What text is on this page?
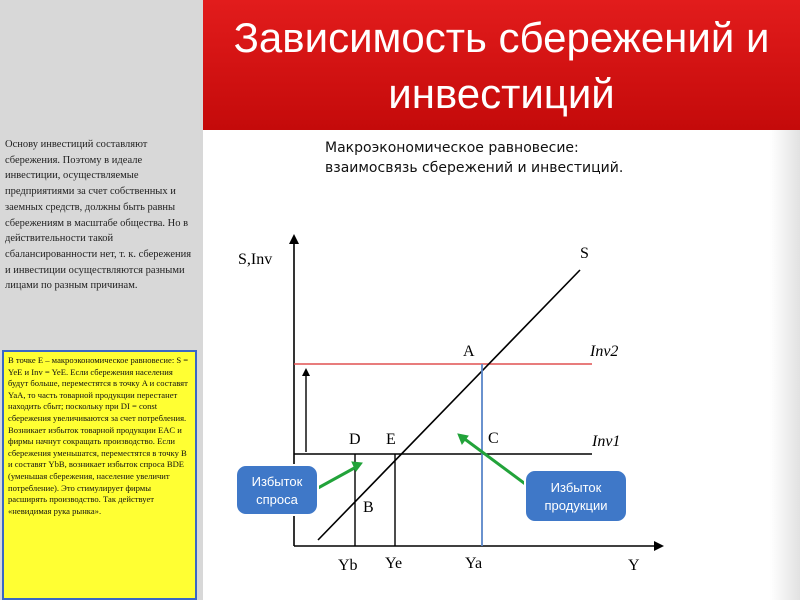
Зависимость сбережений и
инвестиций
Основу инвестиций составляют сбережения. Поэтому в идеале инвестиции, осуществляемые предприятиями за счет собственных и заемных средств, должны быть равны сбережениям в масштабе общества. Но в действительности такой сбалансированности нет, т. к. сбережения и инвестиции осуществляются разными лицами по разным причинам.
В точке E – макроэкономическое равновесие: S = YeE и Inv = YeE. Если сбережения населения будут больше, переместятся в точку A и составят YaA, то часть товарной продукции перестанет находить сбыт; поскольку при DI = const сбережения увеличиваются за счет потребления. Возникает избыток товарной продукции EAC и фирмы начнут сокращать производство. Если сбережения уменьшатся, переместятся в точку B и составят YbB, возникает избыток спроса BDE (уменьшая сбережения, население увеличит потребление). Это стимулирует фирмы расширять производство. Так действует «невидимая рука рынка».
Макроэкономическое равновесие: взаимосвязь сбережений и инвестиций.
S,Inv
Y
S
Inv2
Inv1
A
C
D E
B
Yb Ye	Ya
Избыток
спроса
Избыток
продукции
